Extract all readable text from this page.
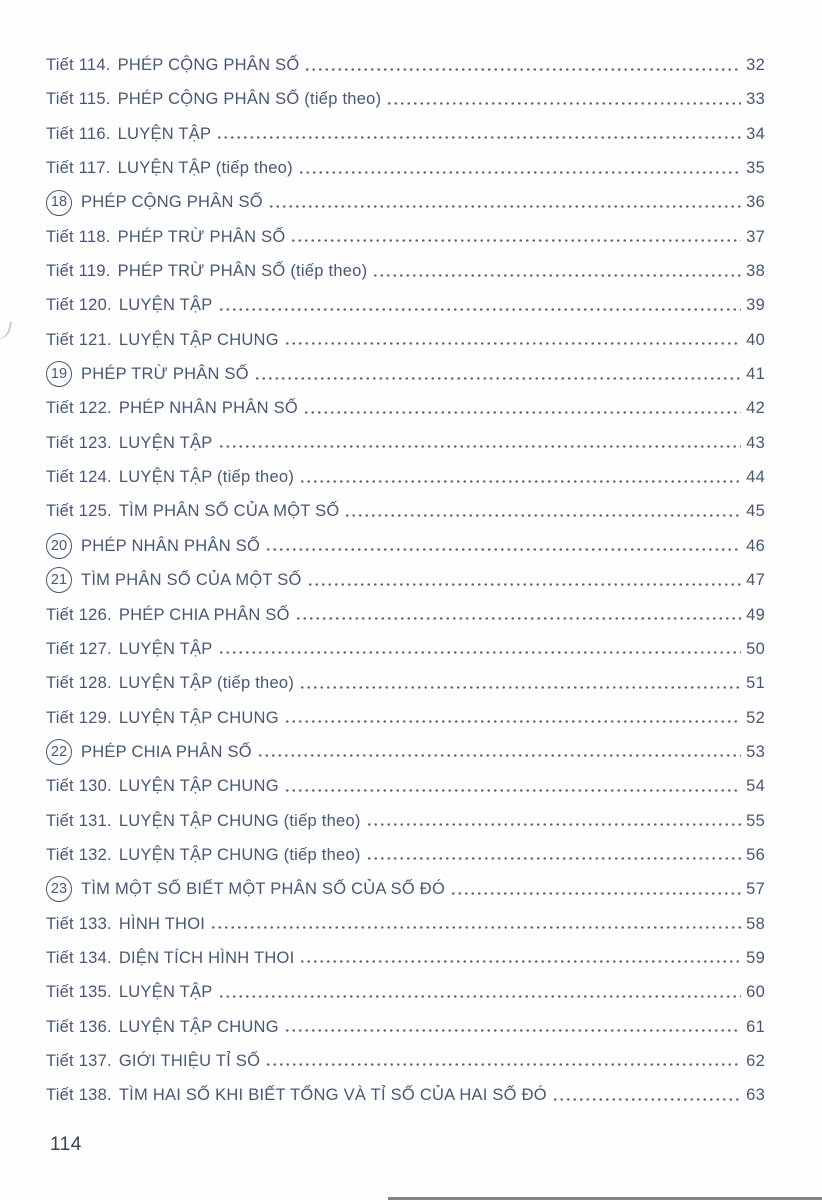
Tiết 114. PHÉP CỘNG PHÂN SỐ	32
Tiết 115. PHÉP CỘNG PHÂN SỐ (tiếp theo)	33
Tiết 116. LUYỆN TẬP	34
Tiết 117. LUYỆN TẬP (tiếp theo)	35
18 PHÉP CỘNG PHÂN SỐ	36
Tiết 118. PHÉP TRỪ PHÂN SỐ	37
Tiết 119. PHÉP TRỪ PHÂN SỐ (tiếp theo)	38
Tiết 120. LUYỆN TẬP	39
Tiết 121. LUYỆN TẬP CHUNG	40
19 PHÉP TRỪ PHÂN SỐ	41
Tiết 122. PHÉP NHÂN PHÂN SỐ	42
Tiết 123. LUYỆN TẬP	43
Tiết 124. LUYỆN TẬP (tiếp theo)	44
Tiết 125. TÌM PHÂN SỐ CỦA MỘT SỐ	45
20 PHÉP NHÂN PHÂN SỐ	46
21 TÌM PHÂN SỐ CỦA MỘT SỐ	47
Tiết 126. PHÉP CHIA PHÂN SỐ	49
Tiết 127. LUYỆN TẬP	50
Tiết 128. LUYỆN TẬP (tiếp theo)	51
Tiết 129. LUYỆN TẬP CHUNG	52
22 PHÉP CHIA PHÂN SỐ	53
Tiết 130. LUYỆN TẬP CHUNG	54
Tiết 131. LUYỆN TẬP CHUNG (tiếp theo)	55
Tiết 132. LUYỆN TẬP CHUNG (tiếp theo)	56
23 TÌM MỘT SỐ BIẾT MỘT PHÂN SỐ CỦA SỐ ĐÓ	57
Tiết 133. HÌNH THOI	58
Tiết 134. DIỆN TÍCH HÌNH THOI	59
Tiết 135. LUYỆN TẬP	60
Tiết 136. LUYỆN TẬP CHUNG	61
Tiết 137. GIỚI THIỆU TỈ SỐ	62
Tiết 138. TÌM HAI SỐ KHI BIẾT TỔNG VÀ TỈ SỐ CỦA HAI SỐ ĐÓ	63
114
